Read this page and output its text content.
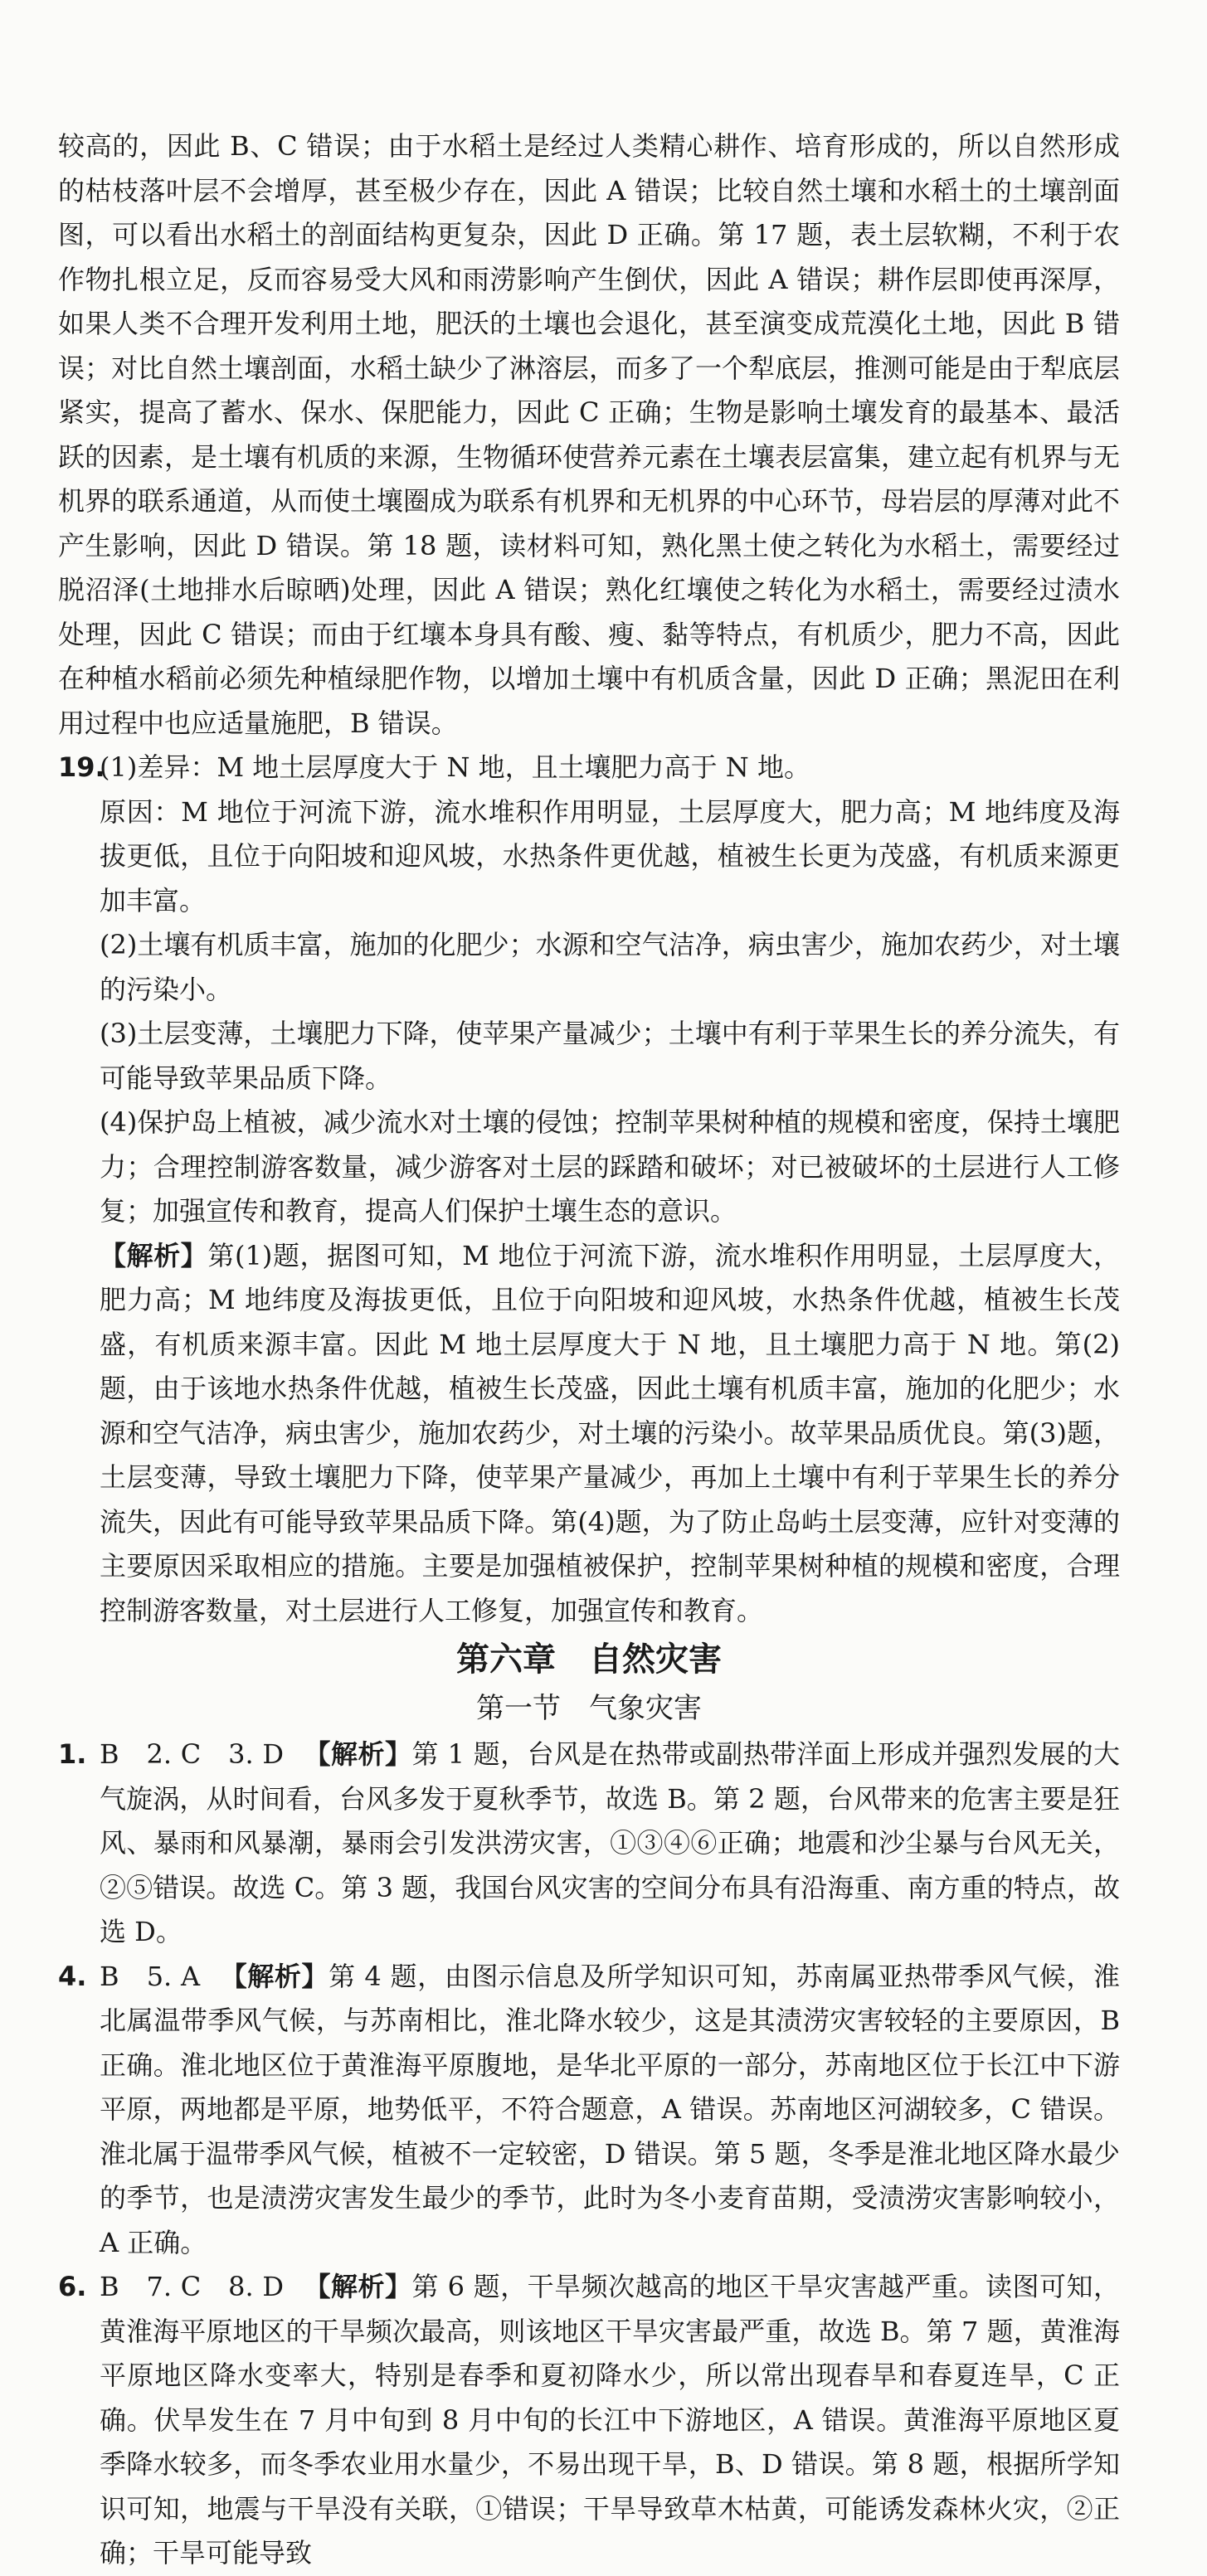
较高的，因此 B、C 错误；由于水稻土是经过人类精心耕作、培育形成的，所以自然形成的枯枝落叶层不会增厚，甚至极少存在，因此 A 错误；比较自然土壤和水稻土的土壤剖面图，可以看出水稻土的剖面结构更复杂，因此 D 正确。第 17 题，表土层软糊，不利于农作物扎根立足，反而容易受大风和雨涝影响产生倒伏，因此 A 错误；耕作层即使再深厚，如果人类不合理开发利用土地，肥沃的土壤也会退化，甚至演变成荒漠化土地，因此 B 错误；对比自然土壤剖面，水稻土缺少了淋溶层，而多了一个犁底层，推测可能是由于犁底层紧实，提高了蓄水、保水、保肥能力，因此 C 正确；生物是影响土壤发育的最基本、最活跃的因素，是土壤有机质的来源，生物循环使营养元素在土壤表层富集，建立起有机界与无机界的联系通道，从而使土壤圈成为联系有机界和无机界的中心环节，母岩层的厚薄对此不产生影响，因此 D 错误。第 18 题，读材料可知，熟化黑土使之转化为水稻土，需要经过脱沼泽(土地排水后晾晒)处理，因此 A 错误；熟化红壤使之转化为水稻土，需要经过渍水处理，因此 C 错误；而由于红壤本身具有酸、瘦、黏等特点，有机质少，肥力不高，因此在种植水稻前必须先种植绿肥作物，以增加土壤中有机质含量，因此 D 正确；黑泥田在利用过程中也应适量施肥，B 错误。

19.(1)差异：M 地土层厚度大于 N 地，且土壤肥力高于 N 地。

原因：M 地位于河流下游，流水堆积作用明显，土层厚度大，肥力高；M 地纬度及海拔更低，且位于向阳坡和迎风坡，水热条件更优越，植被生长更为茂盛，有机质来源更加丰富。

(2)土壤有机质丰富，施加的化肥少；水源和空气洁净，病虫害少，施加农药少，对土壤的污染小。

(3)土层变薄，土壤肥力下降，使苹果产量减少；土壤中有利于苹果生长的养分流失，有可能导致苹果品质下降。

(4)保护岛上植被，减少流水对土壤的侵蚀；控制苹果树种植的规模和密度，保持土壤肥力；合理控制游客数量，减少游客对土层的踩踏和破坏；对已被破坏的土层进行人工修复；加强宣传和教育，提高人们保护土壤生态的意识。

【解析】第(1)题，据图可知，M 地位于河流下游，流水堆积作用明显，土层厚度大，肥力高；M 地纬度及海拔更低，且位于向阳坡和迎风坡，水热条件优越，植被生长茂盛，有机质来源丰富。因此 M 地土层厚度大于 N 地，且土壤肥力高于 N 地。第(2)题，由于该地水热条件优越，植被生长茂盛，因此土壤有机质丰富，施加的化肥少；水源和空气洁净，病虫害少，施加农药少，对土壤的污染小。故苹果品质优良。第(3)题，土层变薄，导致土壤肥力下降，使苹果产量减少，再加上土壤中有利于苹果生长的养分流失，因此有可能导致苹果品质下降。第(4)题，为了防止岛屿土层变薄，应针对变薄的主要原因采取相应的措施。主要是加强植被保护，控制苹果树种植的规模和密度，合理控制游客数量，对土层进行人工修复，加强宣传和教育。

第六章　自然灾害
第一节　气象灾害

1. B　2. C　3. D 【解析】第 1 题，台风是在热带或副热带洋面上形成并强烈发展的大气旋涡，从时间看，台风多发于夏秋季节，故选 B。第 2 题，台风带来的危害主要是狂风、暴雨和风暴潮，暴雨会引发洪涝灾害，①③④⑥正确；地震和沙尘暴与台风无关，②⑤错误。故选 C。第 3 题，我国台风灾害的空间分布具有沿海重、南方重的特点，故选 D。

4. B　5. A 【解析】第 4 题，由图示信息及所学知识可知，苏南属亚热带季风气候，淮北属温带季风气候，与苏南相比，淮北降水较少，这是其渍涝灾害较轻的主要原因，B 正确。淮北地区位于黄淮海平原腹地，是华北平原的一部分，苏南地区位于长江中下游平原，两地都是平原，地势低平，不符合题意，A 错误。苏南地区河湖较多，C 错误。淮北属于温带季风气候，植被不一定较密，D 错误。第 5 题，冬季是淮北地区降水最少的季节，也是渍涝灾害发生最少的季节，此时为冬小麦育苗期，受渍涝灾害影响较小，A 正确。

6. B　7. C　8. D 【解析】第 6 题，干旱频次越高的地区干旱灾害越严重。读图可知，黄淮海平原地区的干旱频次最高，则该地区干旱灾害最严重，故选 B。第 7 题，黄淮海平原地区降水变率大，特别是春季和夏初降水少，所以常出现春旱和春夏连旱，C 正确。伏旱发生在 7 月中旬到 8 月中旬的长江中下游地区，A 错误。黄淮海平原地区夏季降水较多，而冬季农业用水量少，不易出现干旱，B、D 错误。第 8 题，根据所学知识可知，地震与干旱没有关联，①错误；干旱导致草木枯黄，可能诱发森林火灾，②正确；干旱可能导致
